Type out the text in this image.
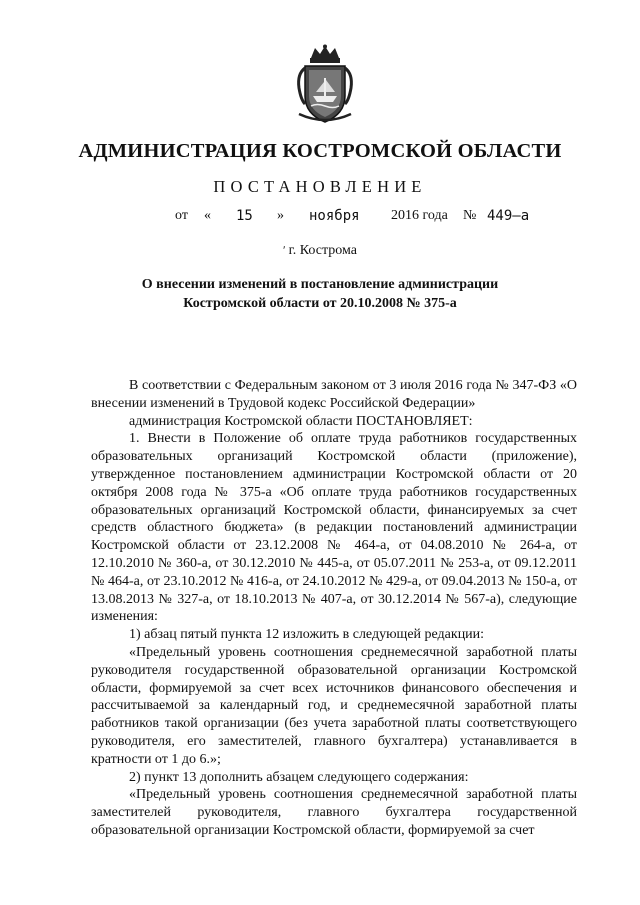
АДМИНИСТРАЦИЯ КОСТРОМСКОЙ ОБЛАСТИ
ПОСТАНОВЛЕНИЕ
от « 15 » ноября 2016 года № 449–а
ʹ г. Кострома
О внесении изменений в постановление администрации
Костромской области от 20.10.2008 № 375-а

В соответствии с Федеральным законом от 3 июля 2016 года № 347-ФЗ «О внесении изменений в Трудовой кодекс Российской Федерации»

администрация Костромской области ПОСТАНОВЛЯЕТ:

1. Внести в Положение об оплате труда работников государственных образовательных организаций Костромской области (приложение), утвержденное постановлением администрации Костромской области от 20 октября 2008 года № 375-а «Об оплате труда работников государственных образовательных организаций Костромской области, финансируемых за счет средств областного бюджета» (в редакции постановлений администрации Костромской области от 23.12.2008 № 464-а, от 04.08.2010 № 264-а, от 12.10.2010 № 360-а, от 30.12.2010 № 445-а, от 05.07.2011 № 253-а, от 09.12.2011 № 464-а, от 23.10.2012 № 416-а, от 24.10.2012 № 429-а, от 09.04.2013 № 150-а, от 13.08.2013 № 327-а, от 18.10.2013 № 407-а, от 30.12.2014 № 567-а), следующие изменения:

1) абзац пятый пункта 12 изложить в следующей редакции:

«Предельный уровень соотношения среднемесячной заработной платы руководителя государственной образовательной организации Костромской области, формируемой за счет всех источников финансового обеспечения и рассчитываемой за календарный год, и среднемесячной заработной платы работников такой организации (без учета заработной платы соответствующего руководителя, его заместителей, главного бухгалтера) устанавливается в кратности от 1 до 6.»;

2) пункт 13 дополнить абзацем следующего содержания:

«Предельный уровень соотношения среднемесячной заработной платы заместителей руководителя, главного бухгалтера государственной образовательной организации Костромской области, формируемой за счет
